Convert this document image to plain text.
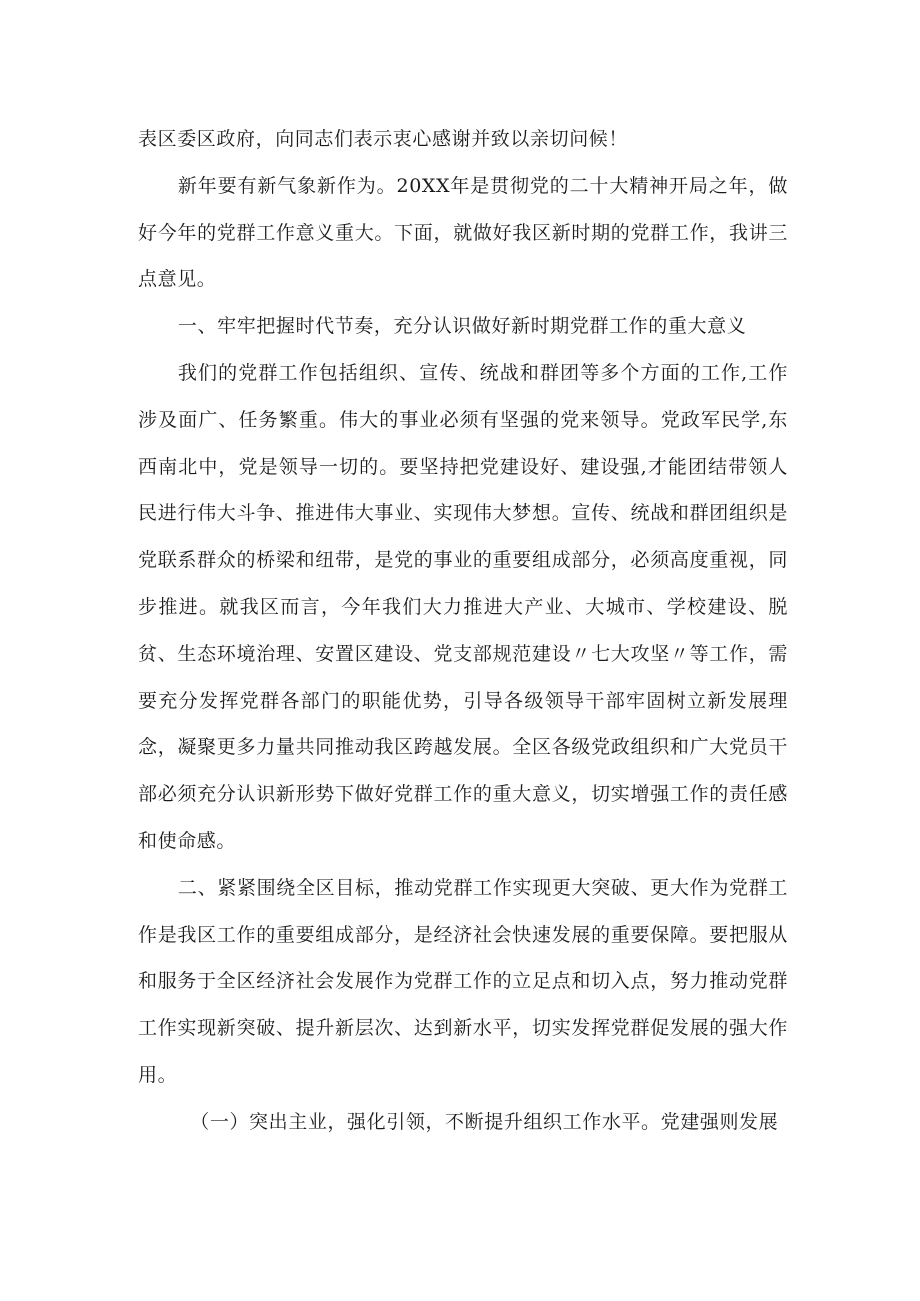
表区委区政府，向同志们表示衷心感谢并致以亲切问候！

新年要有新气象新作为。20XX年是贯彻党的二十大精神开局之年，做好今年的党群工作意义重大。下面，就做好我区新时期的党群工作，我讲三点意见。

一、牢牢把握时代节奏，充分认识做好新时期党群工作的重大意义

我们的党群工作包括组织、宣传、统战和群团等多个方面的工作,工作涉及面广、任务繁重。伟大的事业必须有坚强的党来领导。党政军民学,东西南北中，党是领导一切的。要坚持把党建设好、建设强,才能团结带领人民进行伟大斗争、推进伟大事业、实现伟大梦想。宣传、统战和群团组织是党联系群众的桥梁和纽带，是党的事业的重要组成部分，必须高度重视，同步推进。就我区而言，今年我们大力推进大产业、大城市、学校建设、脱贫、生态环境治理、安置区建设、党支部规范建设〃七大攻坚〃等工作，需要充分发挥党群各部门的职能优势，引导各级领导干部牢固树立新发展理念，凝聚更多力量共同推动我区跨越发展。全区各级党政组织和广大党员干部必须充分认识新形势下做好党群工作的重大意义，切实增强工作的责任感和使命感。

二、紧紧围绕全区目标，推动党群工作实现更大突破、更大作为党群工作是我区工作的重要组成部分，是经济社会快速发展的重要保障。要把服从和服务于全区经济社会发展作为党群工作的立足点和切入点，努力推动党群工作实现新突破、提升新层次、达到新水平，切实发挥党群促发展的强大作用。

（一）突出主业，强化引领，不断提升组织工作水平。党建强则发展
